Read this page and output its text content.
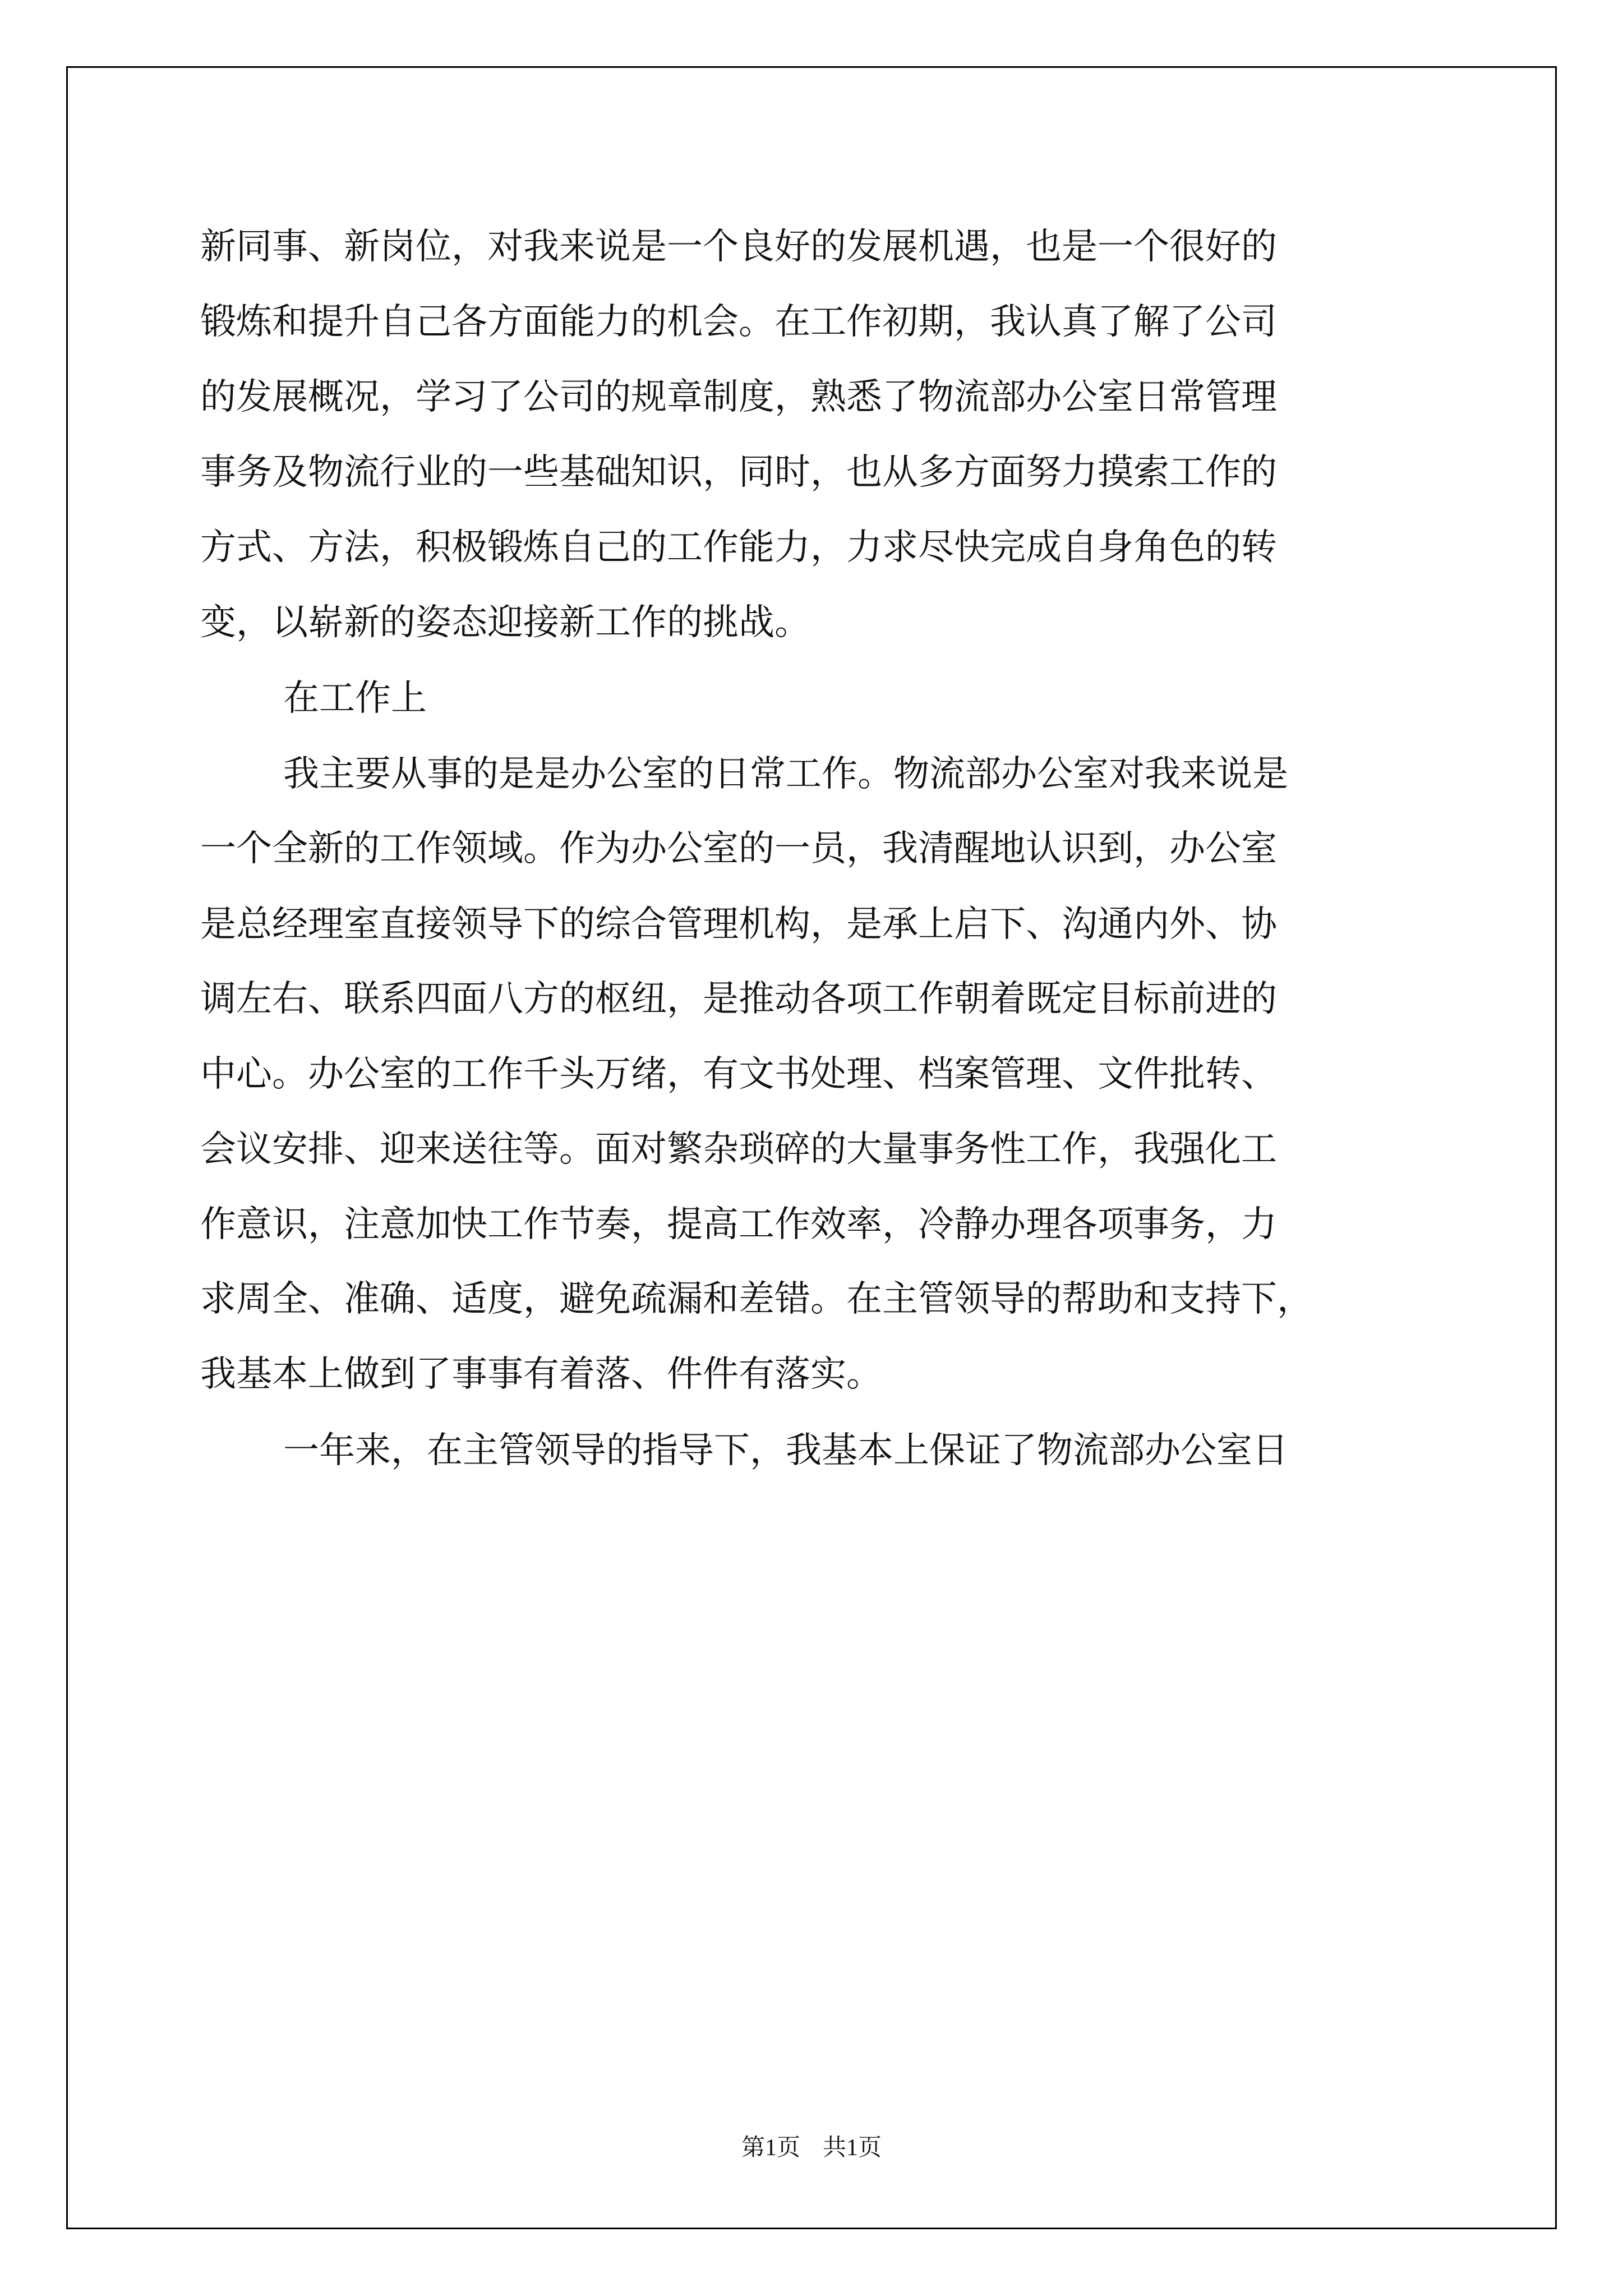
新同事、新岗位，对我来说是一个良好的发展机遇，也是一个很好的
锻炼和提升自己各方面能力的机会。在工作初期，我认真了解了公司
的发展概况，学习了公司的规章制度，熟悉了物流部办公室日常管理
事务及物流行业的一些基础知识，同时，也从多方面努力摸索工作的
方式、方法，积极锻炼自己的工作能力，力求尽快完成自身角色的转
变，以崭新的姿态迎接新工作的挑战。
在工作上
我主要从事的是是办公室的日常工作。物流部办公室对我来说是
一个全新的工作领域。作为办公室的一员，我清醒地认识到，办公室
是总经理室直接领导下的综合管理机构，是承上启下、沟通内外、协
调左右、联系四面八方的枢纽，是推动各项工作朝着既定目标前进的
中心。办公室的工作千头万绪，有文书处理、档案管理、文件批转、
会议安排、迎来送往等。面对繁杂琐碎的大量事务性工作，我强化工
作意识，注意加快工作节奏，提高工作效率，冷静办理各项事务，力
求周全、准确、适度，避免疏漏和差错。在主管领导的帮助和支持下，
我基本上做到了事事有着落、件件有落实。
一年来，在主管领导的指导下，我基本上保证了物流部办公室日
第1页 共1页
